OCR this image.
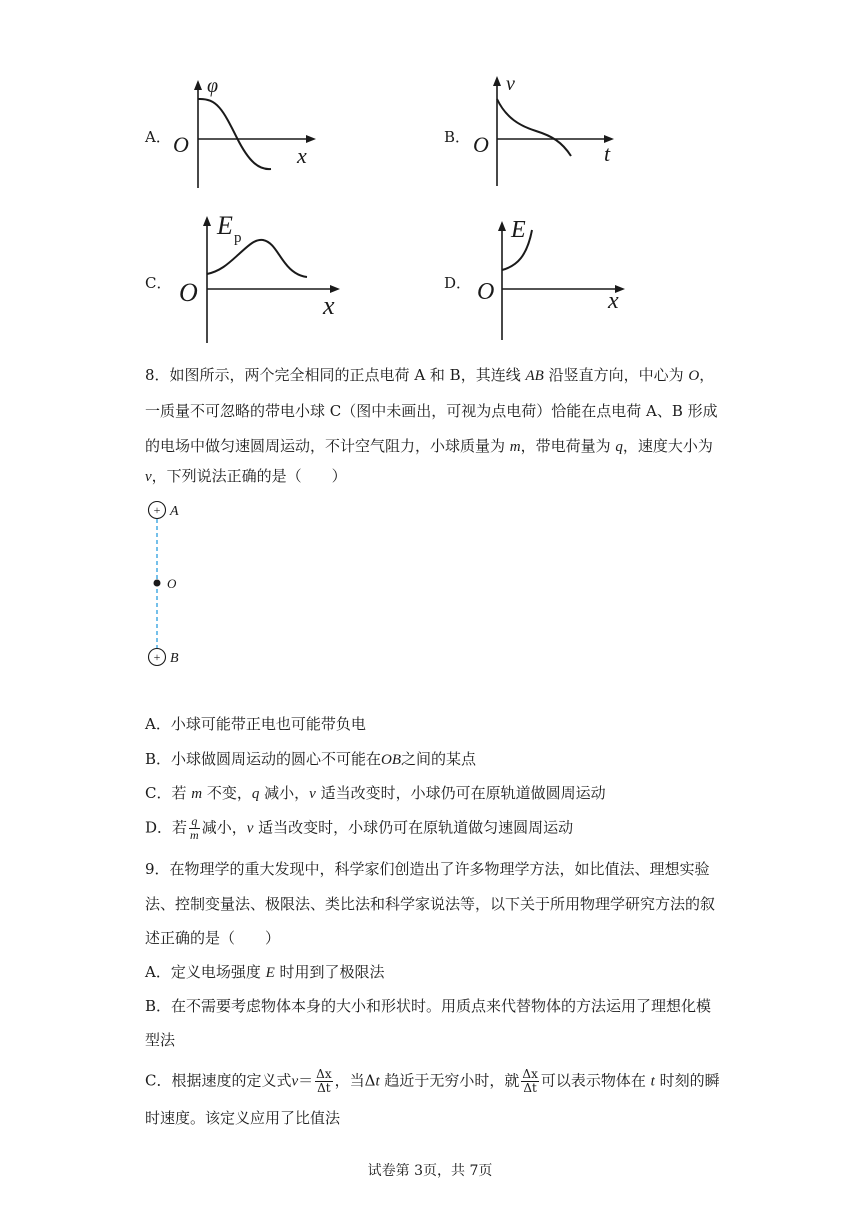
A．
φ
x
O	B．
v
t
O
C．
E p
x
O	D．
E
x
O
8．如图所示，两个完全相同的正点电荷 A 和 B，其连线 AB 沿竖直方向，中心为 O，
一质量不可忽略的带电小球 C（图中未画出，可视为点电荷）恰能在点电荷 A、B 形成
的电场中做匀速圆周运动，不计空气阻力，小球质量为 m，带电荷量为 q，速度大小为
v，下列说法正确的是（　　）
+ A
O
+ B
A．小球可能带正电也可能带负电
B．小球做圆周运动的圆心不可能在OB之间的某点
C．若 m 不变，q 减小，v 适当改变时，小球仍可在原轨道做圆周运动
D．若 $\frac{q}{m}$ 减小，v 适当改变时，小球仍可在原轨道做匀速圆周运动
9．在物理学的重大发现中，科学家们创造出了许多物理学方法，如比值法、理想实验
法、控制变量法、极限法、类比法和科学家说法等，以下关于所用物理学研究方法的叙
述正确的是（　　）
A．定义电场强度 E 时用到了极限法
B．在不需要考虑物体本身的大小和形状时。用质点来代替物体的方法运用了理想化模
型法
C．根据速度的定义式$v= \frac{\Delta x}{\Delta t}$ ，当Δt 趋近于无穷小时，就 $\frac{\Delta x}{\Delta t}$ 可以表示物体在 t 时刻的瞬
时速度。该定义应用了比值法
试卷第 3页，共 7页
